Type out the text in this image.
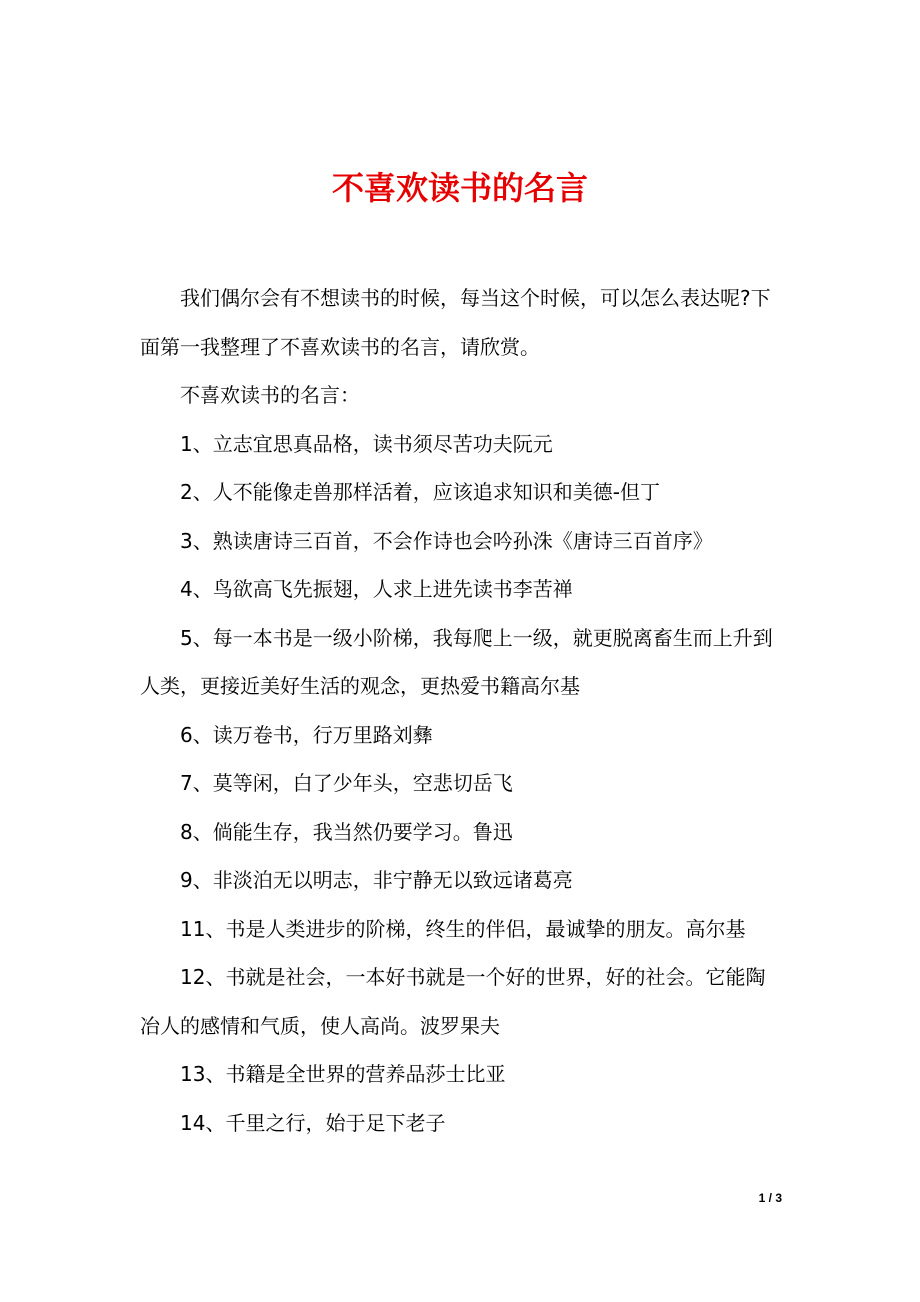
不喜欢读书的名言

我们偶尔会有不想读书的时候，每当这个时候，可以怎么表达呢?下面第一我整理了不喜欢读书的名言，请欣赏。

不喜欢读书的名言：

1、立志宜思真品格，读书须尽苦功夫阮元

2、人不能像走兽那样活着，应该追求知识和美德-但丁

3、熟读唐诗三百首，不会作诗也会吟孙洙《唐诗三百首序》

4、鸟欲高飞先振翅，人求上进先读书李苦禅

5、每一本书是一级小阶梯，我每爬上一级，就更脱离畜生而上升到人类，更接近美好生活的观念，更热爱书籍高尔基

6、读万卷书，行万里路刘彝

7、莫等闲，白了少年头，空悲切岳飞

8、倘能生存，我当然仍要学习。鲁迅

9、非淡泊无以明志，非宁静无以致远诸葛亮

11、书是人类进步的阶梯，终生的伴侣，最诚挚的朋友。高尔基

12、书就是社会，一本好书就是一个好的世界，好的社会。它能陶冶人的感情和气质，使人高尚。波罗果夫

13、书籍是全世界的营养品莎士比亚

14、千里之行，始于足下老子

1 / 3
